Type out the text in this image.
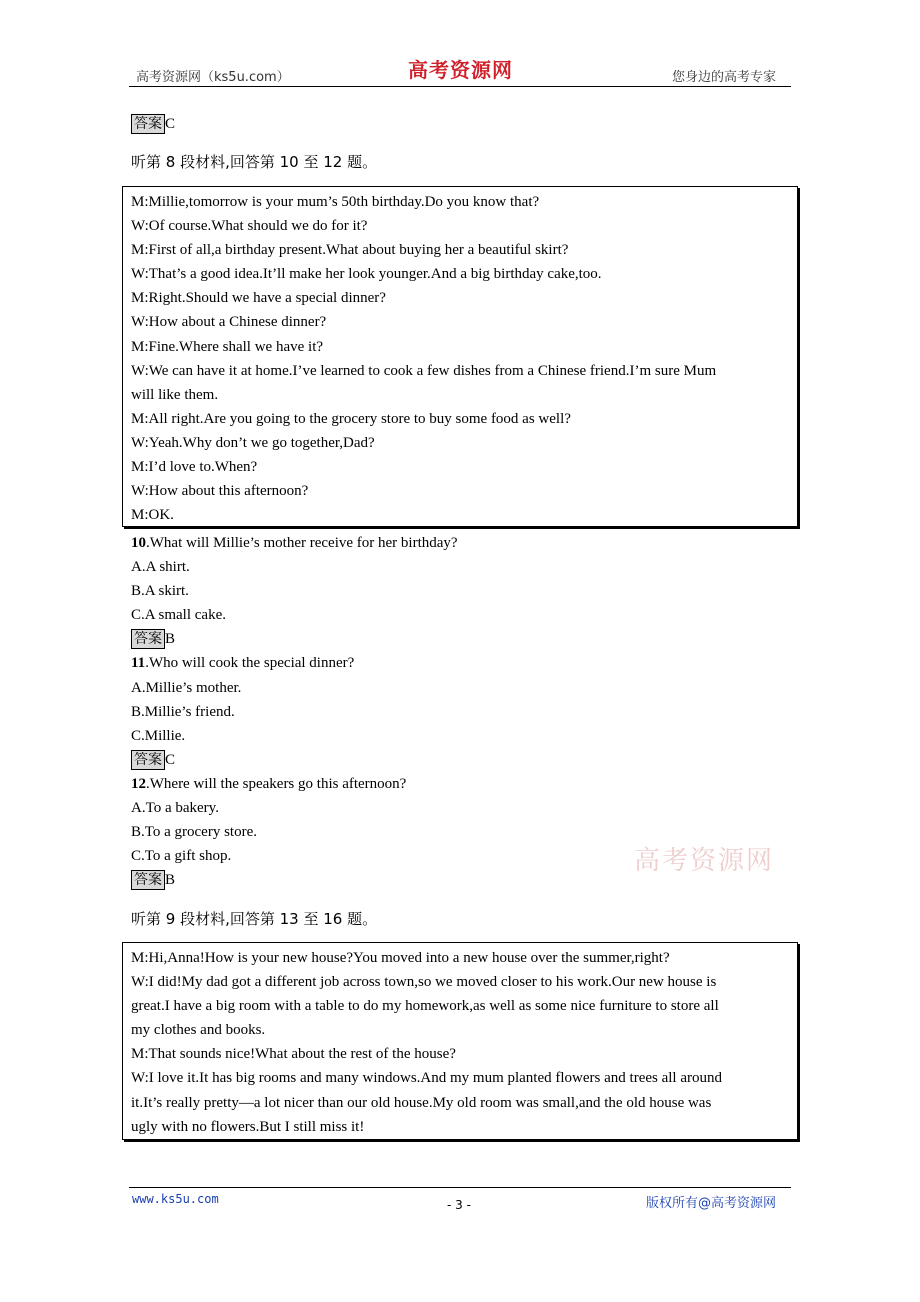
高考资源网（ks5u.com）	高考资源网	您身边的高考专家
答案 C
听第 8 段材料,回答第 10 至 12 题。
M:Millie,tomorrow is your mum’s 50th birthday.Do you know that?
W:Of course.What should we do for it?
M:First of all,a birthday present.What about buying her a beautiful skirt?
W:That’s a good idea.It’ll make her look younger.And a big birthday cake,too.
M:Right.Should we have a special dinner?
W:How about a Chinese dinner?
M:Fine.Where shall we have it?
W:We can have it at home.I’ve learned to cook a few dishes from a Chinese friend.I’m sure Mum
will like them.
M:All right.Are you going to the grocery store to buy some food as well?
W:Yeah.Why don’t we go together,Dad?
M:I’d love to.When?
W:How about this afternoon?
M:OK.
10.What will Millie’s mother receive for her birthday?
A.A shirt.
B.A skirt.
C.A small cake.
答案 B
11.Who will cook the special dinner?
A.Millie’s mother.
B.Millie’s friend.
C.Millie.
答案 C
12.Where will the speakers go this afternoon?
A.To a bakery.
B.To a grocery store.
C.To a gift shop.
答案 B
高考资源网
听第 9 段材料,回答第 13 至 16 题。
M:Hi,Anna!How is your new house?You moved into a new house over the summer,right?
W:I did!My dad got a different job across town,so we moved closer to his work.Our new house is
great.I have a big room with a table to do my homework,as well as some nice furniture to store all
my clothes and books.
M:That sounds nice!What about the rest of the house?
W:I love it.It has big rooms and many windows.And my mum planted flowers and trees all around
it.It’s really pretty—a lot nicer than our old house.My old room was small,and the old house was
ugly with no flowers.But I still miss it!
www.ks5u.com	- 3 -	版权所有@高考资源网
